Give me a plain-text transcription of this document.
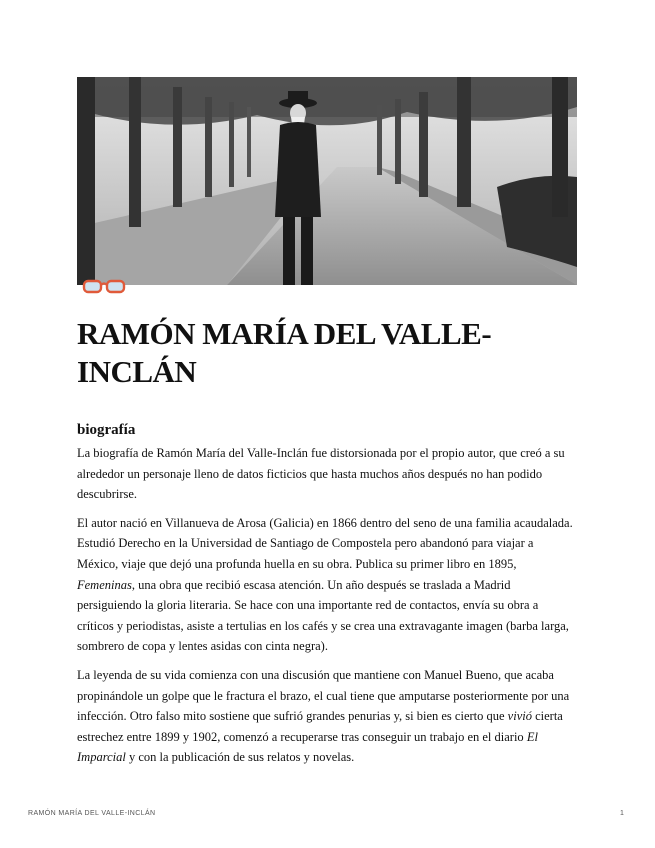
RAMÓN MARÍA DEL VALLE-INCLÁN
biografía

La biografía de Ramón María del Valle-Inclán fue distorsionada por el propio autor, que creó a su alrededor un personaje lleno de datos ficticios que hasta muchos años después no han podido descubrirse.

El autor nació en Villanueva de Arosa (Galicia) en 1866 dentro del seno de una familia acaudalada. Estudió Derecho en la Universidad de Santiago de Compostela pero abandonó para viajar a México, viaje que dejó una profunda huella en su obra. Publica su primer libro en 1895, Femeninas, una obra que recibió escasa atención. Un año después se traslada a Madrid persiguiendo la gloria literaria. Se hace con una importante red de contactos, envía su obra a críticos y periodistas, asiste a tertulias en los cafés y se crea una extravagante imagen (barba larga, sombrero de copa y lentes asidas con cinta negra).

La leyenda de su vida comienza con una discusión que mantiene con Manuel Bueno, que acaba propinándole un golpe que le fractura el brazo, el cual tiene que amputarse posteriormente por una infección. Otro falso mito sostiene que sufrió grandes penurias y, si bien es cierto que vivió cierta estrechez entre 1899 y 1902, comenzó a recuperarse tras conseguir un trabajo en el diario El Imparcial y con la publicación de sus relatos y novelas.

RAMÓN MARÍA DEL VALLE-INCLÁN	1
